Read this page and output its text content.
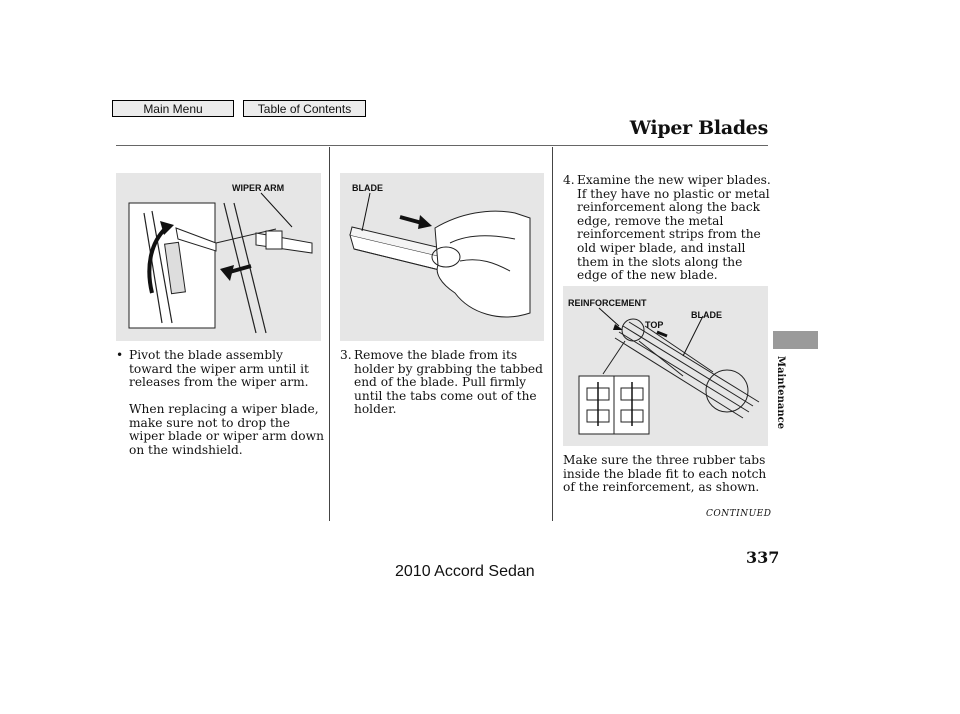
Main Menu	Table of Contents
Wiper Blades
Maintenance
WIPER ARM	BLADE
REINFORCEMENT
TOP
BLADE
• Pivot the blade assembly toward the wiper arm until it releases from the wiper arm.
When replacing a wiper blade, make sure not to drop the wiper blade or wiper arm down on the windshield.
3. Remove the blade from its holder by grabbing the tabbed end of the blade. Pull firmly until the tabs come out of the holder.
4. Examine the new wiper blades. If they have no plastic or metal reinforcement along the back edge, remove the metal reinforcement strips from the old wiper blade, and install them in the slots along the edge of the new blade.
Make sure the three rubber tabs inside the blade fit to each notch of the reinforcement, as shown.
CONTINUED
337
2010 Accord Sedan
